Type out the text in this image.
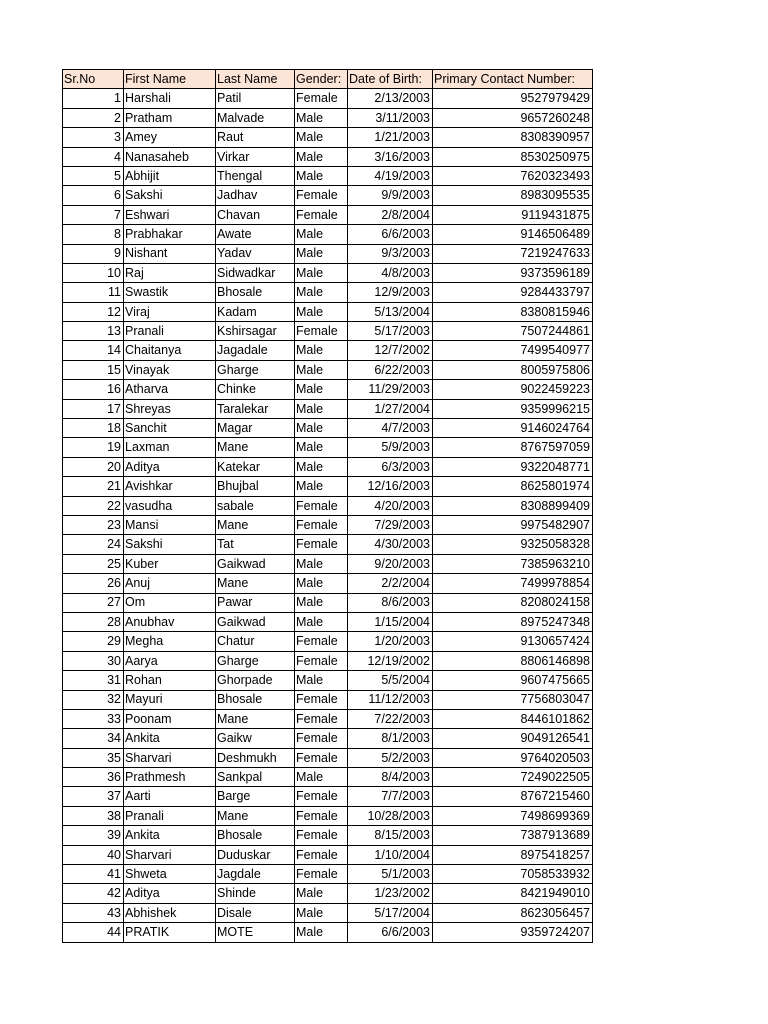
Sr.No	First Name	Last Name	Gender:	Date of Birth:	Primary Contact Number:
1	Harshali	Patil	Female	2/13/2003	9527979429
2	Pratham	Malvade	Male	3/11/2003	9657260248
3	Amey	Raut	Male	1/21/2003	8308390957
4	Nanasaheb	Virkar	Male	3/16/2003	8530250975
5	Abhijit	Thengal	Male	4/19/2003	7620323493
6	Sakshi	Jadhav	Female	9/9/2003	8983095535
7	Eshwari	Chavan	Female	2/8/2004	9119431875
8	Prabhakar	Awate	Male	6/6/2003	9146506489
9	Nishant	Yadav	Male	9/3/2003	7219247633
10	Raj	Sidwadkar	Male	4/8/2003	9373596189
11	Swastik	Bhosale	Male	12/9/2003	9284433797
12	Viraj	Kadam	Male	5/13/2004	8380815946
13	Pranali	Kshirsagar	Female	5/17/2003	7507244861
14	Chaitanya	Jagadale	Male	12/7/2002	7499540977
15	Vinayak	Gharge	Male	6/22/2003	8005975806
16	Atharva	Chinke	Male	11/29/2003	9022459223
17	Shreyas	Taralekar	Male	1/27/2004	9359996215
18	Sanchit	Magar	Male	4/7/2003	9146024764
19	Laxman	Mane	Male	5/9/2003	8767597059
20	Aditya	Katekar	Male	6/3/2003	9322048771
21	Avishkar	Bhujbal	Male	12/16/2003	8625801974
22	vasudha	sabale	Female	4/20/2003	8308899409
23	Mansi	Mane	Female	7/29/2003	9975482907
24	Sakshi	Tat	Female	4/30/2003	9325058328
25	Kuber	Gaikwad	Male	9/20/2003	7385963210
26	Anuj	Mane	Male	2/2/2004	7499978854
27	Om	Pawar	Male	8/6/2003	8208024158
28	Anubhav	Gaikwad	Male	1/15/2004	8975247348
29	Megha	Chatur	Female	1/20/2003	9130657424
30	Aarya	Gharge	Female	12/19/2002	8806146898
31	Rohan	Ghorpade	Male	5/5/2004	9607475665
32	Mayuri	Bhosale	Female	11/12/2003	7756803047
33	Poonam	Mane	Female	7/22/2003	8446101862
34	Ankita	Gaikw	Female	8/1/2003	9049126541
35	Sharvari	Deshmukh	Female	5/2/2003	9764020503
36	Prathmesh	Sankpal	Male	8/4/2003	7249022505
37	Aarti	Barge	Female	7/7/2003	8767215460
38	Pranali	Mane	Female	10/28/2003	7498699369
39	Ankita	Bhosale	Female	8/15/2003	7387913689
40	Sharvari	Duduskar	Female	1/10/2004	8975418257
41	Shweta	Jagdale	Female	5/1/2003	7058533932
42	Aditya	Shinde	Male	1/23/2002	8421949010
43	Abhishek	Disale	Male	5/17/2004	8623056457
44	PRATIK	MOTE	Male	6/6/2003	9359724207
